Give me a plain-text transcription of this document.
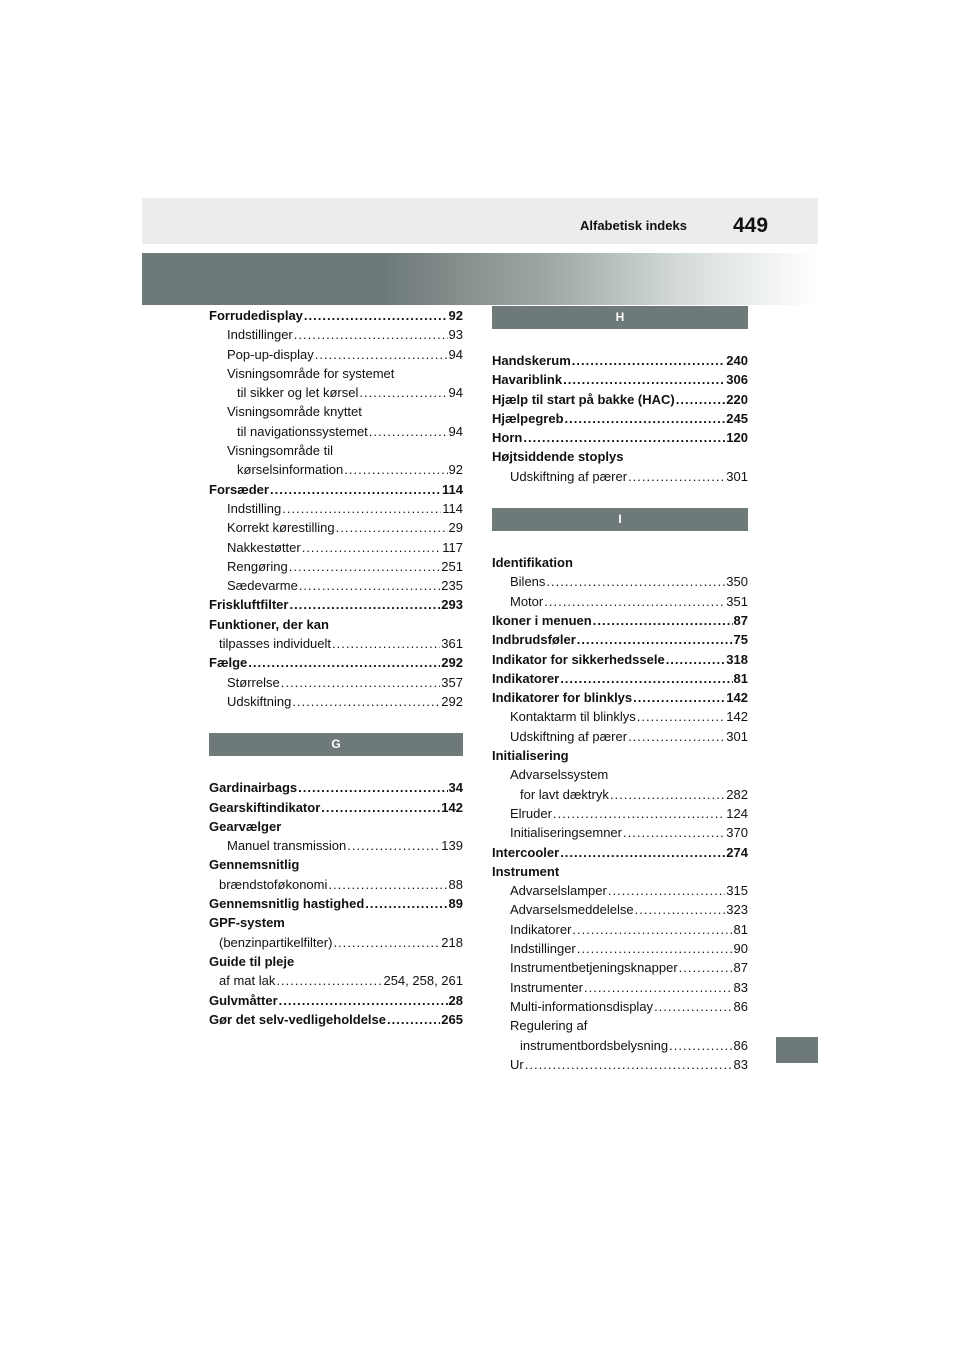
Alfabetisk indeks 449
Forrudedisplay . . .	92
Indstillinger . . .	93
Pop-up-display . . .	94
Visningsområde for systemet
til sikker og let kørsel . . .	94
Visningsområde knyttet
til navigationssystemet . . .	94
Visningsområde til
kørselsinformation . . .	92
Forsæder . . .	114
Indstilling . . .	114
Korrekt kørestilling . . .	29
Nakkestøtter . . .	117
Rengøring . . .	251
Sædevarme . . .	235
Friskluftfilter . . .	293
Funktioner, der kan
tilpasses individuelt . . .	361
Fælge . . .	292
Størrelse . . .	357
Udskiftning . . .	292
G
Gardinairbags . . .	34
Gearskiftindikator . . .	142
Gearvælger
Manuel transmission . . .	139
Gennemsnitlig
brændstoføkonomi . . .	88
Gennemsnitlig hastighed . . .	89
GPF-system
(benzinpartikelfilter) . . .	218
Guide til pleje
af mat lak . . .	254, 258, 261
Gulvmåtter . . .	28
Gør det selv-vedligeholdelse . . .	265
H
Handskerum . . .	240
Havariblink . . .	306
Hjælp til start på bakke (HAC) . . .	220
Hjælpegreb . . .	245
Horn . . .	120
Højtsiddende stoplys
Udskiftning af pærer . . .	301
I
Identifikation
Bilens . . .	350
Motor . . .	351
Ikoner i menuen . . .	87
Indbrudsføler . . .	75
Indikator for sikkerhedssele . . .	318
Indikatorer . . .	81
Indikatorer for blinklys . . .	142
Kontaktarm til blinklys . . .	142
Udskiftning af pærer . . .	301
Initialisering
Advarselssystem
for lavt dæktryk . . .	282
Elruder . . .	124
Initialiseringsemner . . .	370
Intercooler . . .	274
Instrument
Advarselslamper . . .	315
Advarselsmeddelelse . . .	323
Indikatorer . . .	81
Indstillinger . . .	90
Instrumentbetjeningsknapper . . .	87
Instrumenter . . .	83
Multi-informationsdisplay . . .	86
Regulering af
instrumentbordsbelysning . . .	86
Ur . . .	83
